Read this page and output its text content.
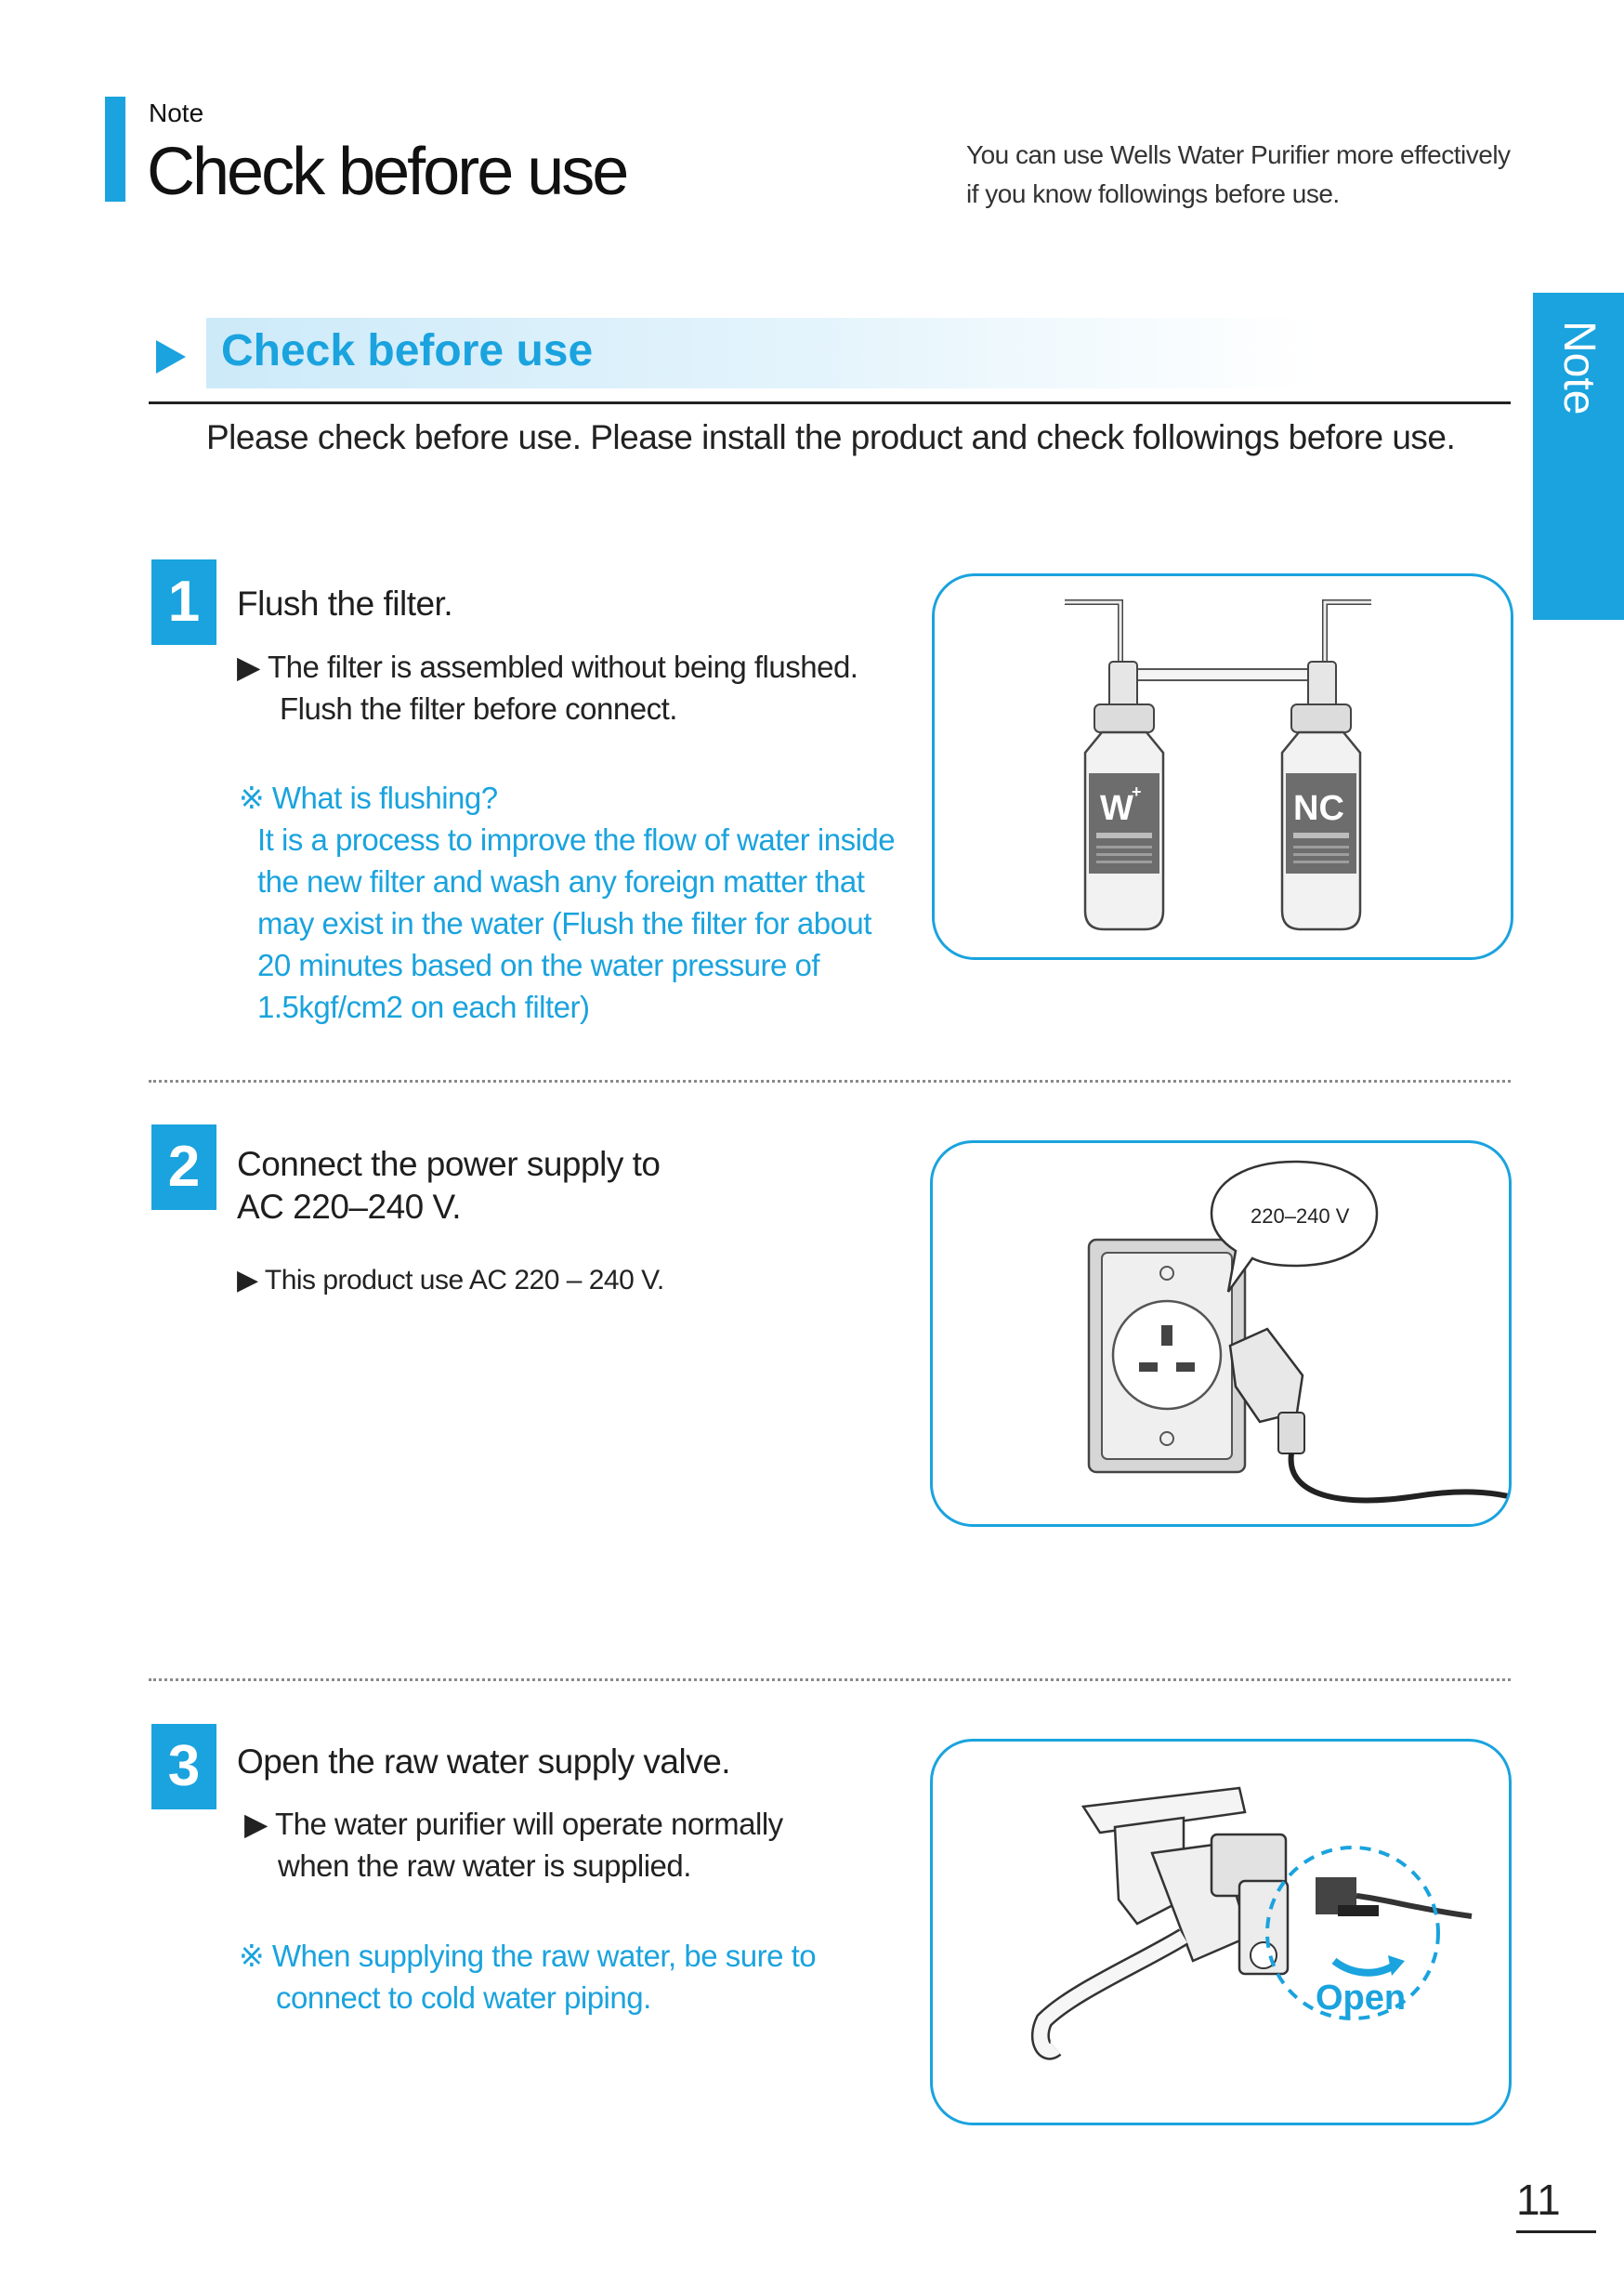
Note
Check before use	You can use Wells Water Purifier more effectively
if you know followings before use.
Note
Check before use
Please check before use. Please install the product and check followings before use.
1	Flush the filter.
▶ The filter is assembled without being flushed.
Flush the filter before connect.
※ What is flushing?
It is a process to improve the flow of water inside
the new filter and wash any foreign matter that
may exist in the water (Flush the filter for about
20 minutes based on the water pressure of
1.5kgf/cm2 on each filter)
W
+	NC
2	Connect the power supply to
AC 220–240 V.
▶ This product use AC 220 – 240 V.
220–240 V
3	Open the raw water supply valve.
▶ The water purifier will operate normally
when the raw water is supplied.
※ When supplying the raw water, be sure to
connect to cold water piping.	Open
11
